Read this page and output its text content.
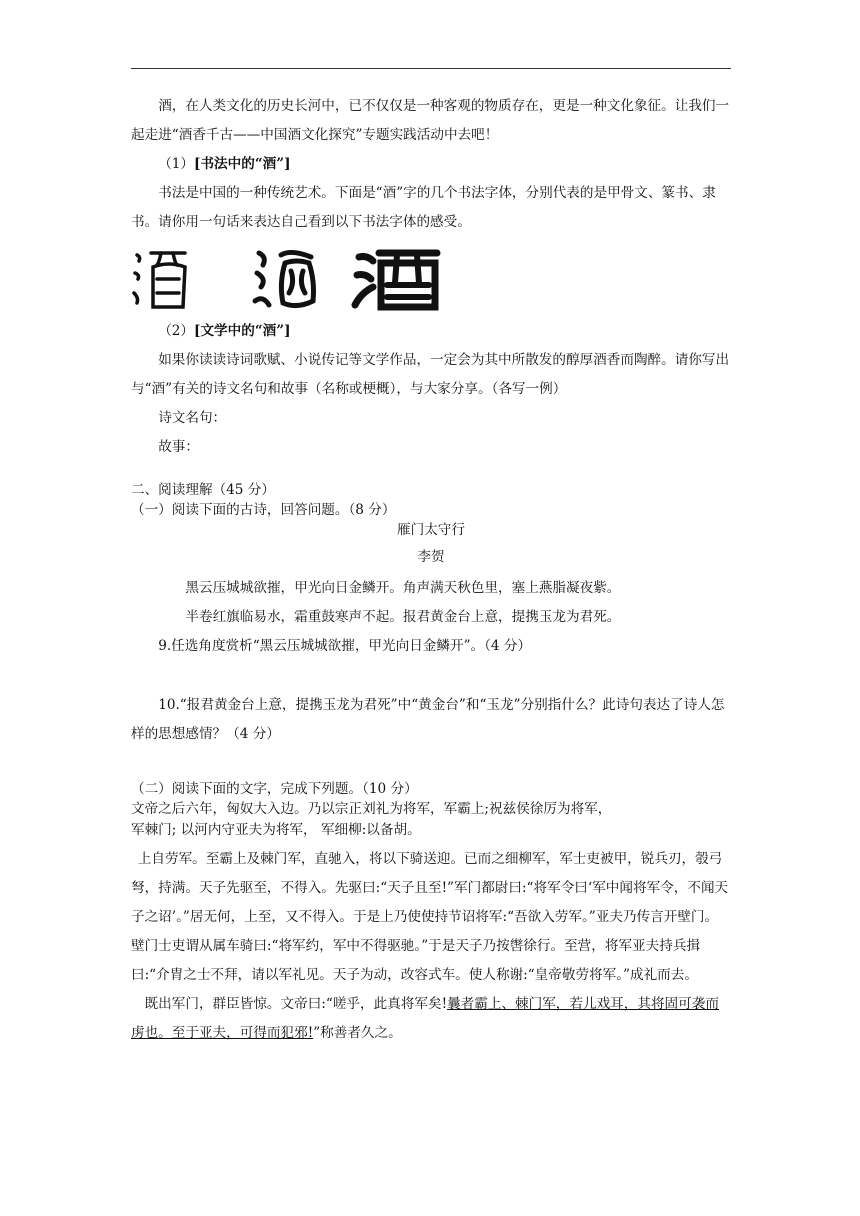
酒，在人类文化的历史长河中，已不仅仅是一种客观的物质存在，更是一种文化象征。让我们一起走进“酒香千古——中国酒文化探究”专题实践活动中去吧！

（1）[书法中的“酒”]

书法是中国的一种传统艺术。下面是“酒”字的几个书法字体，分别代表的是甲骨文、篆书、隶书。请你用一句话来表达自己看到以下书法字体的感受。

（2）[文学中的“酒”]

如果你读读诗词歌赋、小说传记等文学作品，一定会为其中所散发的醇厚酒香而陶醉。请你写出与“酒”有关的诗文名句和故事（名称或梗概），与大家分享。（各写一例）

诗文名句：

故事：

二、阅读理解（45 分）

（一）阅读下面的古诗，回答问题。（8 分）

雁门太守行

李贺

黑云压城城欲摧，甲光向日金鳞开。角声满天秋色里，塞上燕脂凝夜紫。

半卷红旗临易水，霜重鼓寒声不起。报君黄金台上意，提携玉龙为君死。

9.任选角度赏析“黑云压城城欲摧，甲光向日金鳞开”。（4 分）

10.“报君黄金台上意，提携玉龙为君死”中“黄金台”和“玉龙”分别指什么？此诗句表达了诗人怎样的思想感情？（4 分）

（二）阅读下面的文字，完成下列题。（10 分）

文帝之后六年，匈奴大入边。乃以宗正刘礼为将军，军霸上;祝兹侯徐厉为将军，

军棘门; 以河内守亚夫为将军， 军细柳:以备胡。

上自劳军。至霸上及棘门军，直驰入，将以下骑送迎。已而之细柳军，军士吏被甲，锐兵刃，彀弓弩，持满。天子先驱至，不得入。先驱曰:“天子且至!”军门都尉曰:“将军令曰‘军中闻将军令，不闻天子之诏’。”居无何，上至，又不得入。于是上乃使使持节诏将军:“吾欲入劳军。”亚夫乃传言开壁门。壁门士吏谓从属车骑曰:“将军约，军中不得驱驰。”于是天子乃按辔徐行。至营，将军亚夫持兵揖曰:“介胄之士不拜，请以军礼见。天子为动，改容式车。使人称谢:“皇帝敬劳将军。”成礼而去。

既出军门，群臣皆惊。文帝曰:“嗟乎，此真将军矣!曩者霸上、棘门军，若儿戏耳，其将固可袭而虏也。至于亚夫，可得而犯邪!”称善者久之。
